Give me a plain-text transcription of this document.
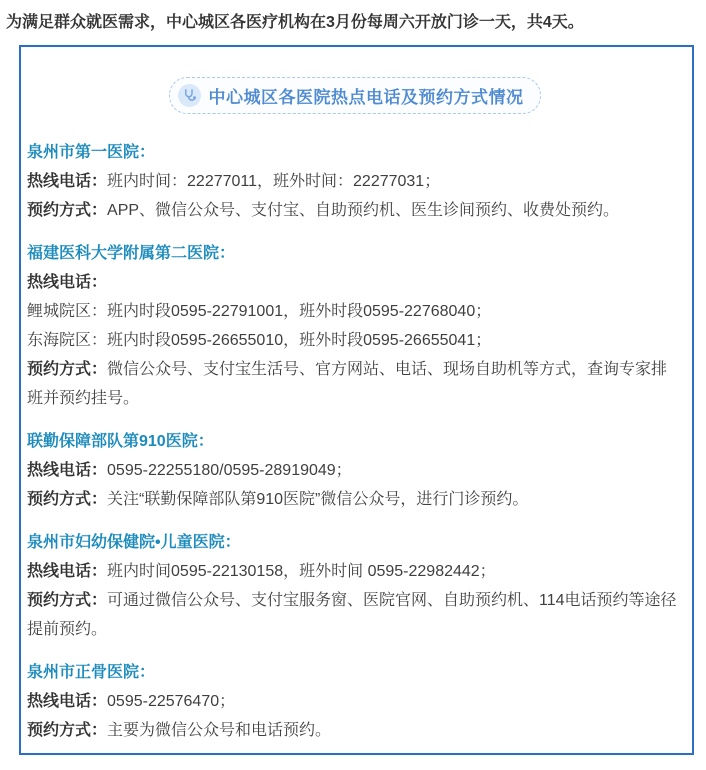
为满足群众就医需求，中心城区各医疗机构在3月份每周六开放门诊一天，共4天。

中心城区各医院热点电话及预约方式情况
泉州市第一医院：
热线电话：班内时间：22277011，班外时间：22277031；
预约方式：APP、微信公众号、支付宝、自助预约机、医生诊间预约、收费处预约。
福建医科大学附属第二医院：
热线电话：
鲤城院区：班内时段0595-22791001，班外时段0595-22768040；
东海院区：班内时段0595-26655010，班外时段0595-26655041；
预约方式：微信公众号、支付宝生活号、官方网站、电话、现场自助机等方式，查询专家排班并预约挂号。
联勤保障部队第910医院：
热线电话：0595-22255180/0595-28919049；
预约方式：关注“联勤保障部队第910医院”微信公众号，进行门诊预约。
泉州市妇幼保健院•儿童医院：
热线电话：班内时间0595-22130158，班外时间 0595-22982442；
预约方式：可通过微信公众号、支付宝服务窗、医院官网、自助预约机、114电话预约等途径提前预约。
泉州市正骨医院：
热线电话：0595-22576470；
预约方式：主要为微信公众号和电话预约。
